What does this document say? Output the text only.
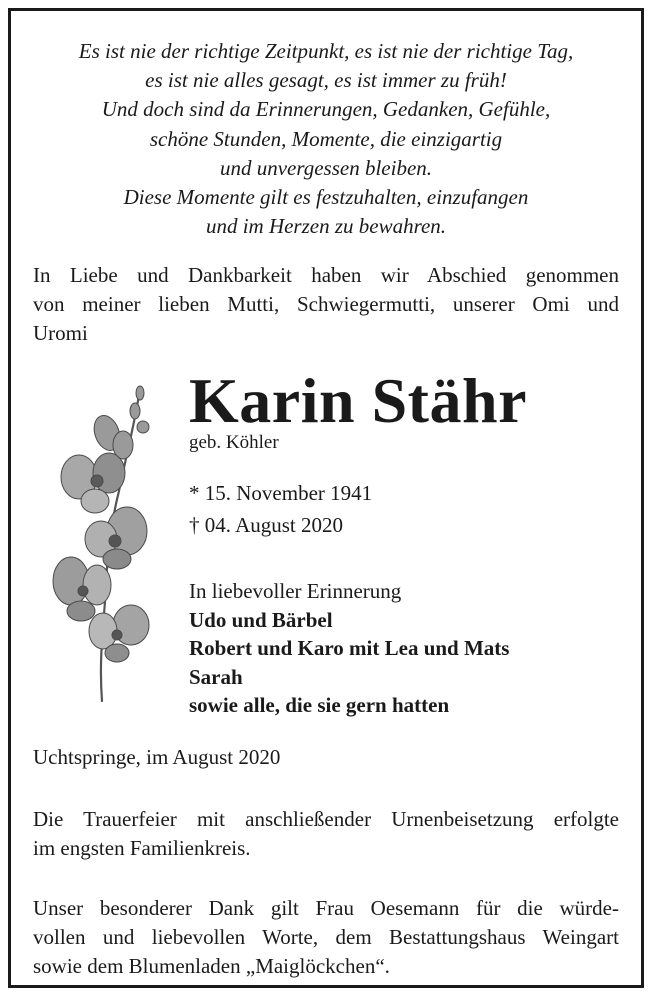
Es ist nie der richtige Zeitpunkt, es ist nie der richtige Tag,
es ist nie alles gesagt, es ist immer zu früh!
Und doch sind da Erinnerungen, Gedanken, Gefühle,
schöne Stunden, Momente, die einzigartig
und unvergessen bleiben.
Diese Momente gilt es festzuhalten, einzufangen
und im Herzen zu bewahren.
In Liebe und Dankbarkeit haben wir Abschied genommen
von meiner lieben Mutti, Schwiegermutti, unserer Omi und
Uromi
Karin Stähr
geb. Köhler
* 15. November 1941
† 04. August 2020
In liebevoller Erinnerung
Udo und Bärbel
Robert und Karo mit Lea und Mats
Sarah
sowie alle, die sie gern hatten
Uchtspringe, im August 2020
Die Trauerfeier mit anschließender Urnenbeisetzung erfolgte
im engsten Familienkreis.
Unser besonderer Dank gilt Frau Oesemann für die würde-
vollen und liebevollen Worte, dem Bestattungshaus Weingart
sowie dem Blumenladen „Maiglöckchen“.
